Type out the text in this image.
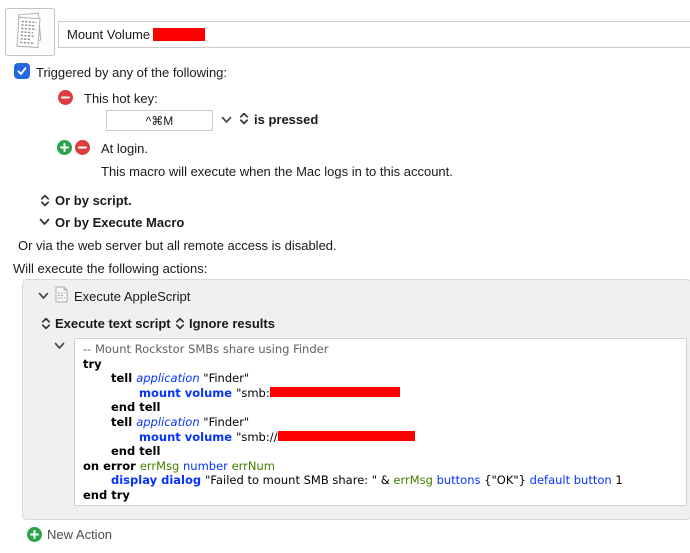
Mount Volume
Triggered by any of the following:
This hot key:
^⌘M	is pressed
At login.
This macro will execute when the Mac logs in to this account.
Or by script.
Or by Execute Macro
Or via the web server but all remote access is disabled.
Will execute the following actions:
Execute AppleScript
Execute text script Ignore results
-- Mount Rockstor SMBs share using Finder
try
tell application "Finder"
mount volume "smb:
end tell
tell application "Finder"
mount volume "smb://
end tell
on error errMsg number errNum
display dialog "Failed to mount SMB share: " & errMsg buttons {"OK"} default button 1
end try
New Action
